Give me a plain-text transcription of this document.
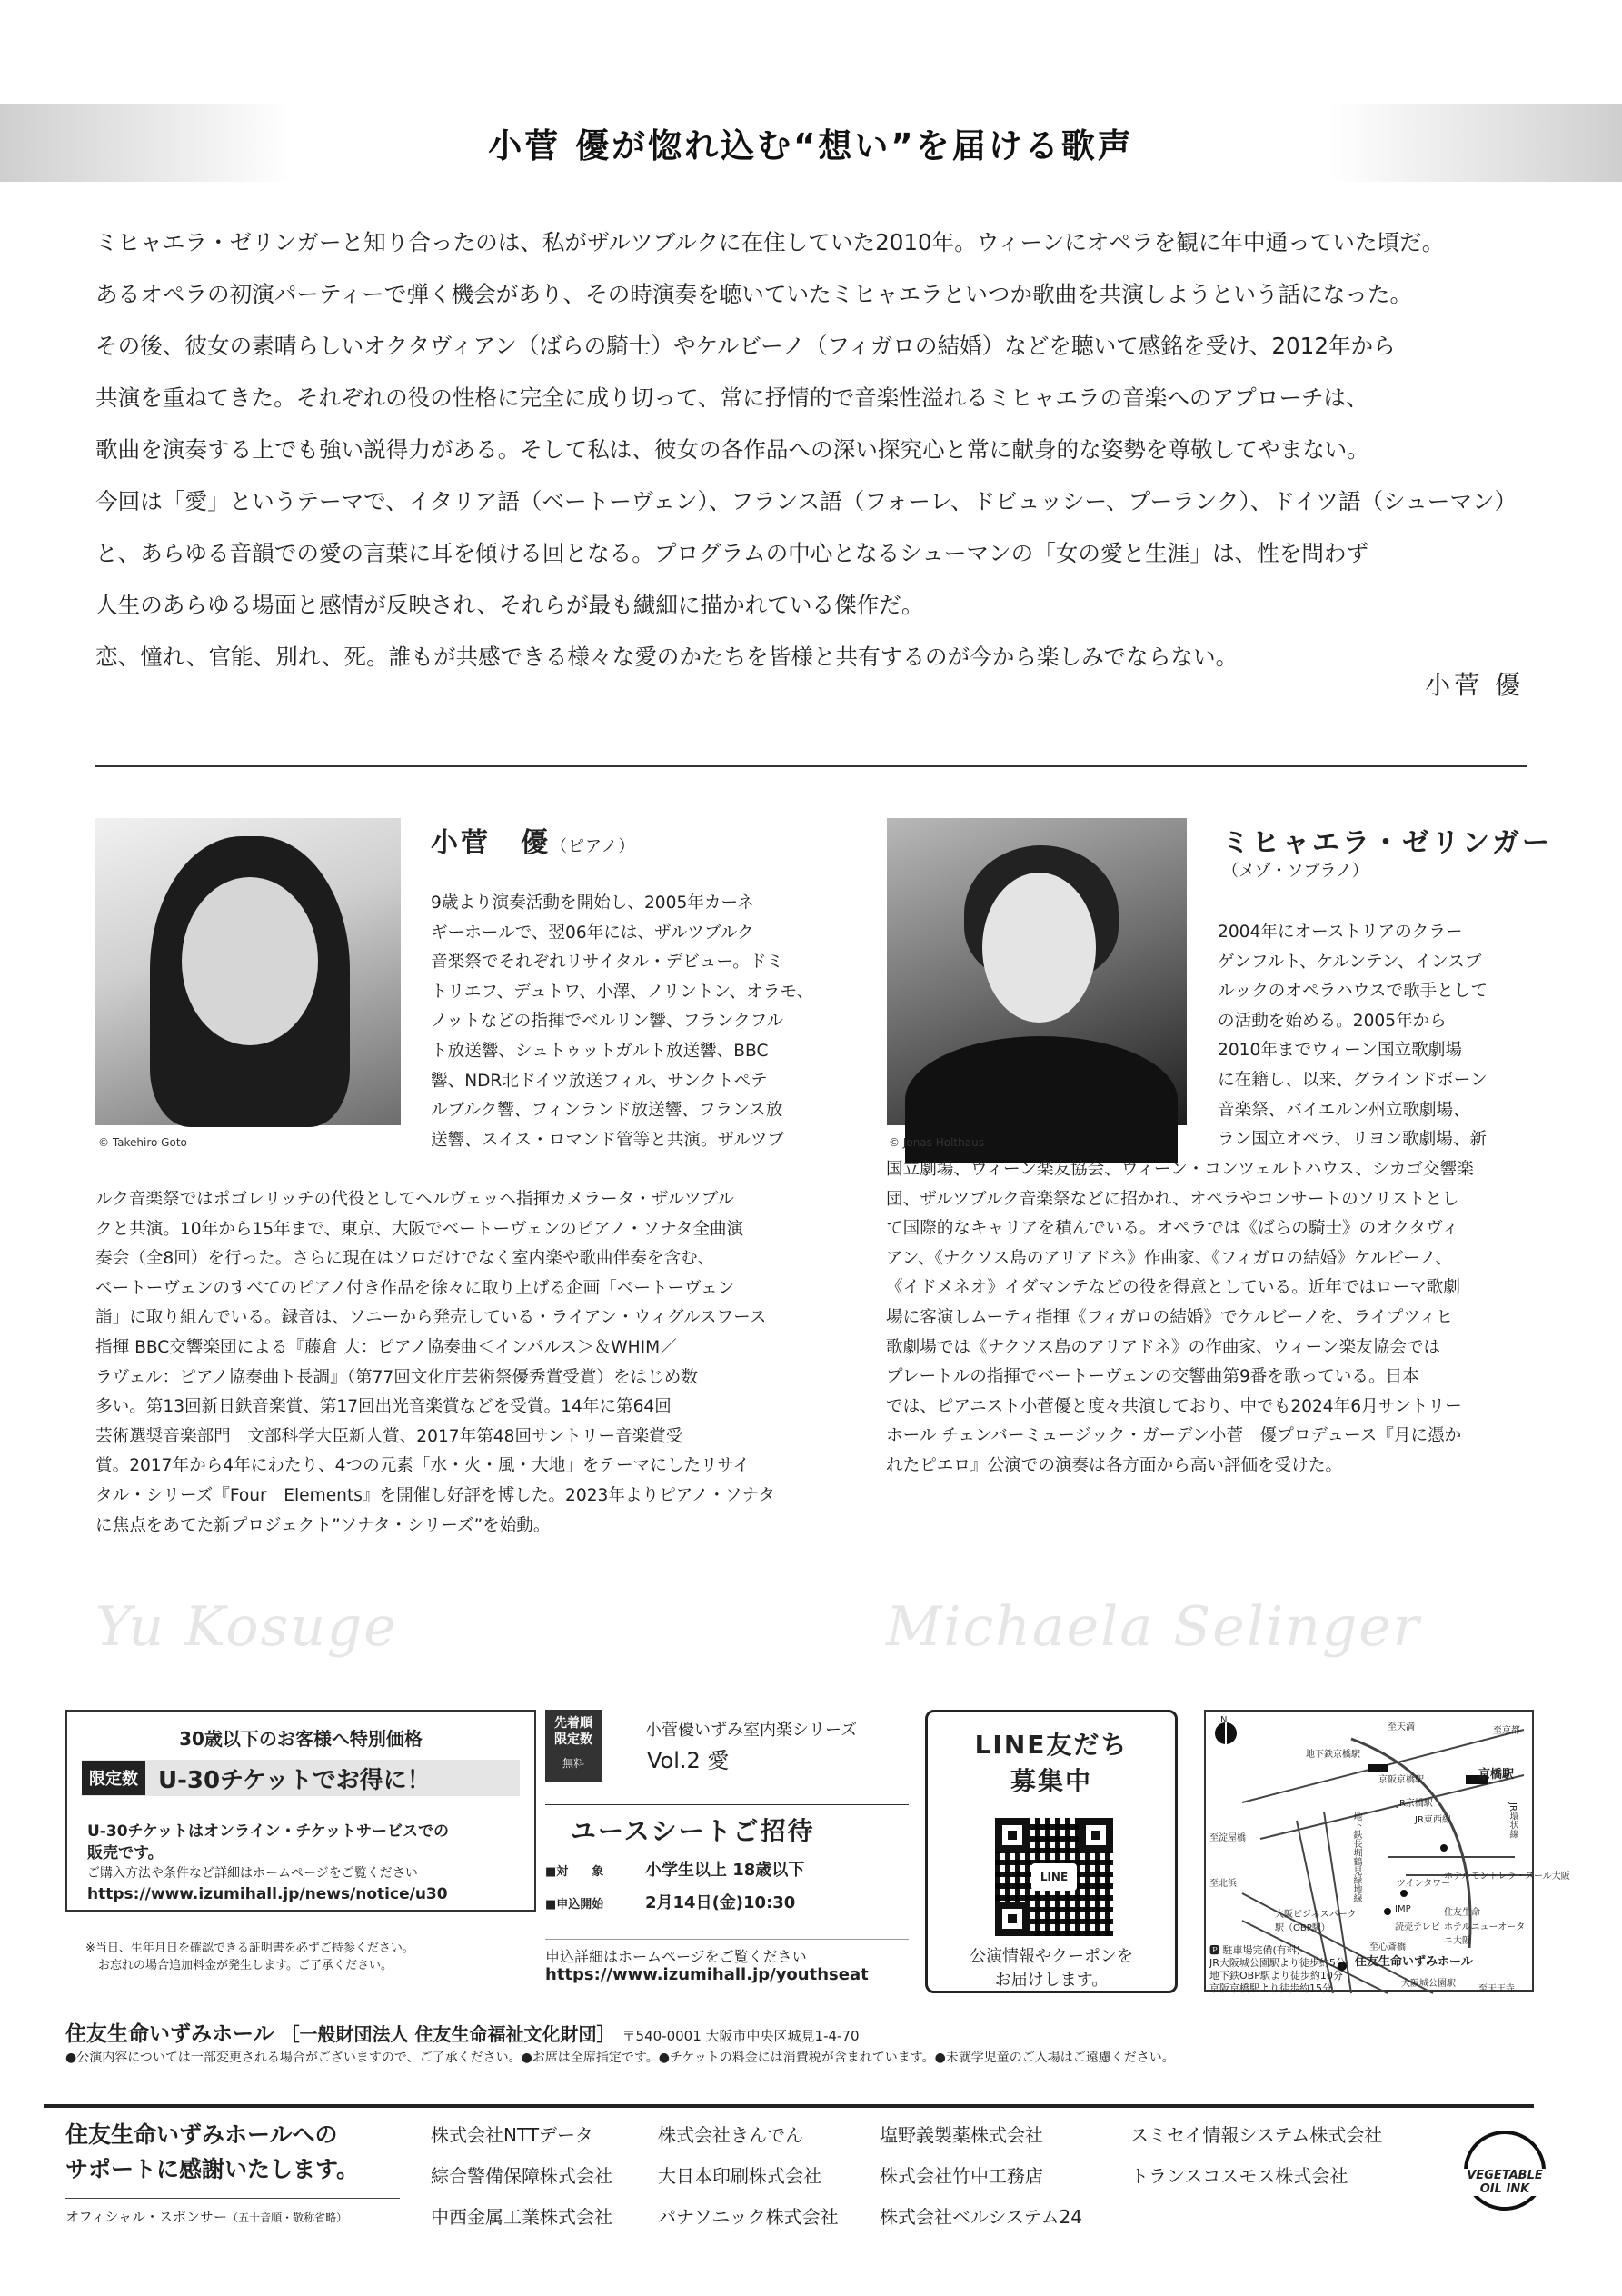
小菅 優が惚れ込む“想い”を届ける歌声

ミヒャエラ・ゼリンガーと知り合ったのは、私がザルツブルクに在住していた2010年。ウィーンにオペラを観に年中通っていた頃だ。

あるオペラの初演パーティーで弾く機会があり、その時演奏を聴いていたミヒャエラといつか歌曲を共演しようという話になった。

その後、彼女の素晴らしいオクタヴィアン（ばらの騎士）やケルビーノ（フィガロの結婚）などを聴いて感銘を受け、2012年から

共演を重ねてきた。それぞれの役の性格に完全に成り切って、常に抒情的で音楽性溢れるミヒャエラの音楽へのアプローチは、

歌曲を演奏する上でも強い説得力がある。そして私は、彼女の各作品への深い探究心と常に献身的な姿勢を尊敬してやまない。

今回は「愛」というテーマで、イタリア語（ベートーヴェン）、フランス語（フォーレ、ドビュッシー、プーランク）、ドイツ語（シューマン）

と、あらゆる音韻での愛の言葉に耳を傾ける回となる。プログラムの中心となるシューマンの「女の愛と生涯」は、性を問わず

人生のあらゆる場面と感情が反映され、それらが最も繊細に描かれている傑作だ。

恋、憧れ、官能、別れ、死。誰もが共感できる様々な愛のかたちを皆様と共有するのが今から楽しみでならない。

小菅 優
© Takehiro Goto
小菅　優（ピアノ）
9歳より演奏活動を開始し、2005年カーネ
ギーホールで、翌06年には、ザルツブルク
音楽祭でそれぞれリサイタル・デビュー。ドミ
トリエフ、デュトワ、小澤、ノリントン、オラモ、
ノットなどの指揮でベルリン響、フランクフル
ト放送響、シュトゥットガルト放送響、BBC
響、NDR北ドイツ放送フィル、サンクトペテ
ルブルク響、フィンランド放送響、フランス放
送響、スイス・ロマンド管等と共演。ザルツブ
ルク音楽祭ではポゴレリッチの代役としてヘルヴェッヘ指揮カメラータ・ザルツブル
クと共演。10年から15年まで、東京、大阪でベートーヴェンのピアノ・ソナタ全曲演
奏会（全8回）を行った。さらに現在はソロだけでなく室内楽や歌曲伴奏を含む、
ベートーヴェンのすべてのピアノ付き作品を徐々に取り上げる企画「ベートーヴェン
詣」に取り組んでいる。録音は、ソニーから発売している・ライアン・ウィグルスワース
指揮 BBC交響楽団による『藤倉 大：ピアノ協奏曲＜インパルス＞＆WHIM／
ラヴェル：ピアノ協奏曲ト長調』（第77回文化庁芸術祭優秀賞受賞）をはじめ数
多い。第13回新日鉄音楽賞、第17回出光音楽賞などを受賞。14年に第64回
芸術選奨音楽部門　文部科学大臣新人賞、2017年第48回サントリー音楽賞受
賞。2017年から4年にわたり、4つの元素「水・火・風・大地」をテーマにしたリサイ
タル・シリーズ『Four　Elements』を開催し好評を博した。2023年よりピアノ・ソナタ
に焦点をあてた新プロジェクト”ソナタ・シリーズ”を始動。
© Jonas Holthaus
ミヒャエラ・ゼリンガー
（メゾ・ソプラノ）
2004年にオーストリアのクラー
ゲンフルト、ケルンテン、インスブ
ルックのオペラハウスで歌手として
の活動を始める。2005年から
2010年までウィーン国立歌劇場
に在籍し、以来、グラインドボーン
音楽祭、バイエルン州立歌劇場、
ラン国立オペラ、リヨン歌劇場、新
国立劇場、ウィーン楽友協会、ウィーン・コンツェルトハウス、シカゴ交響楽
団、ザルツブルク音楽祭などに招かれ、オペラやコンサートのソリストとし
て国際的なキャリアを積んでいる。オペラでは《ばらの騎士》のオクタヴィ
アン、《ナクソス島のアリアドネ》作曲家、《フィガロの結婚》ケルビーノ、
《イドメネオ》イダマンテなどの役を得意としている。近年ではローマ歌劇
場に客演しムーティ指揮《フィガロの結婚》でケルビーノを、ライプツィヒ
歌劇場では《ナクソス島のアリアドネ》の作曲家、ウィーン楽友協会では
プレートルの指揮でベートーヴェンの交響曲第9番を歌っている。日本
では、ピアニスト小菅優と度々共演しており、中でも2024年6月サントリー
ホール チェンバーミュージック・ガーデン小菅　優プロデュース『月に憑か
れたピエロ』公演での演奏は各方面から高い評価を受けた。
Yu Kosuge	Michaela Selinger
30歳以下のお客様へ特別価格
限定数 U-30チケットでお得に！
U-30チケットはオンライン・チケットサービスでの
販売です。
ご購入方法や条件など詳細はホームページをご覧ください
https://www.izumihall.jp/news/notice/u30
※当日、生年月日を確認できる証明書を必ずご持参ください。
お忘れの場合追加料金が発生します。ご了承ください。
先着順
限定数
無料
小菅優いずみ室内楽シリーズ
Vol.2 愛
ユースシートご招待
■対　　象	小学生以上 18歳以下
■申込開始	2月14日(金)10:30
申込詳細はホームページをご覧ください
https://www.izumihall.jp/youthseat
LINE友だち
募集中
LINE
公演情報やクーポンを
お届けします。
N
至天満	至京都
京橋駅
地下鉄京橋駅
京阪京橋駅
JR京橋駅
JR東西線	JR環状線
至淀屋橋
至北浜	地下鉄長堀鶴見緑地線	ホテルモントレラ・スール大阪
ツインタワー
IMP	住友生命
読売テレビ ホテルニューオータニ大阪
大阪ビジネスパーク駅（OBP駅）
至心斎橋
住友生命いずみホール
大阪城公園駅
至天王寺
🅿 駐車場完備(有料)
JR大阪城公園駅より徒歩約5分
地下鉄OBP駅より徒歩約10分
京阪京橋駅より徒歩約15分
住友生命いずみホール ［一般財団法人 住友生命福祉文化財団］ 〒540-0001 大阪市中央区城見1-4-70
●公演内容については一部変更される場合がございますので、ご了承ください。●お席は全席指定です。●チケットの料金には消費税が含まれています。●未就学児童のご入場はご遠慮ください。
住友生命いずみホールへの
サポートに感謝いたします。
オフィシャル・スポンサー（五十音順・敬称省略）
株式会社NTTデータ	株式会社きんでん	塩野義製薬株式会社	スミセイ情報システム株式会社
綜合警備保障株式会社	大日本印刷株式会社	株式会社竹中工務店	トランスコスモス株式会社
中西金属工業株式会社	パナソニック株式会社	株式会社ベルシステム24
VEGETABLE
OIL INK
